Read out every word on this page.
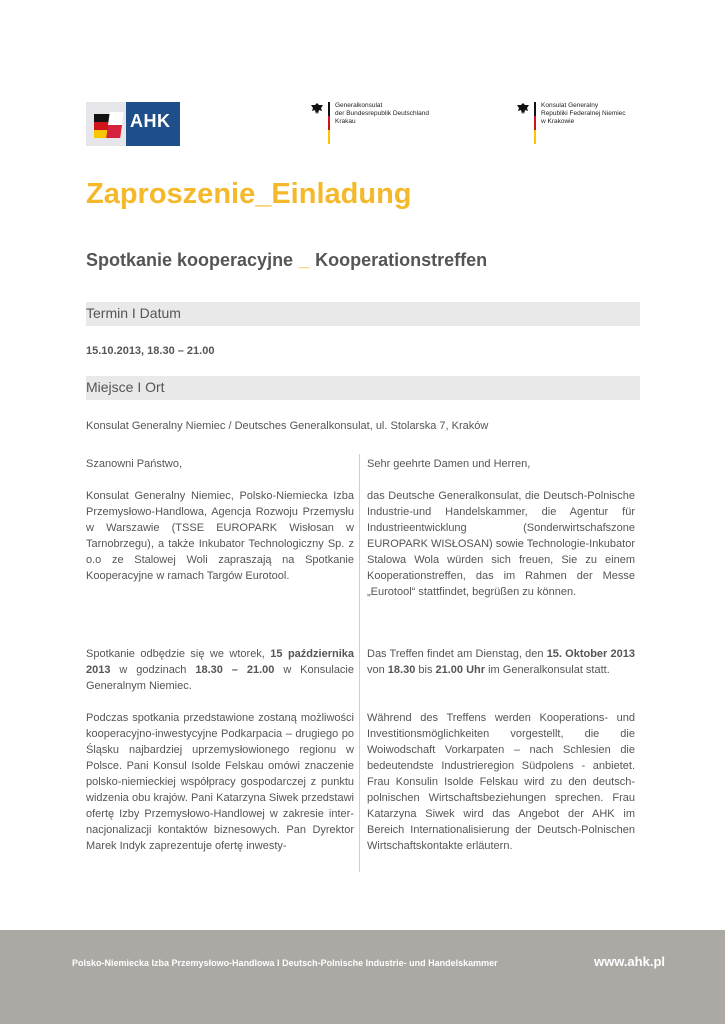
AHK
Generalkonsulat
der Bundesrepublik Deutschland
Krakau
Konsulat Generalny
Republiki Federalnej Niemiec
w Krakowie
Zaproszenie_Einladung
Spotkanie kooperacyjne _ Kooperationstreffen
Termin I Datum
15.10.2013, 18.30 – 21.00
Miejsce I Ort
Konsulat Generalny Niemiec / Deutsches Generalkonsulat, ul. Stolarska 7, Kraków

Szanowni Państwo,

Konsulat Generalny Niemiec, Polsko-Niemiecka Izba Przemysłowo-Handlowa, Agencja Rozwoju Przemysłu w Warszawie (TSSE EUROPARK Wisłosan w Tarnobrzegu), a także Inkubator Technologiczny Sp. z o.o ze Stalowej Woli zapraszają na Spotkanie Kooperacyjne w ramach Targów Eurotool.

Spotkanie odbędzie się we wtorek, 15 października 2013 w godzinach 18.30 – 21.00 w Konsulacie Generalnym Niemiec.

Podczas spotkania przedstawione zostaną możliwości kooperacyjno-inwestycyjne Podkarpacia – drugiego po Śląsku najbardziej uprzemysłowionego regionu w Polsce. Pani Konsul Isolde Felskau omówi znaczenie polsko-niemieckiej współpracy gospodarczej z punktu widzenia obu krajów. Pani Katarzyna Siwek przedstawi ofertę Izby Przemysłowo-Handlowej w zakresie internacjonalizacji kontaktów biznesowych. Pan Dyrektor Marek Indyk zaprezentuje ofertę inwesty-

Sehr geehrte Damen und Herren,

das Deutsche Generalkonsulat, die Deutsch-Polnische Industrie-und Handelskammer, die Agentur für Industrieentwicklung (Sonderwirtschafszone EUROPARK WISŁOSAN) sowie Technologie-Inkubator Stalowa Wola würden sich freuen, Sie zu einem Kooperationstreffen, das im Rahmen der Messe „Eurotool“ stattfindet, begrüßen zu können.

Das Treffen findet am Dienstag, den 15. Oktober 2013 von 18.30 bis 21.00 Uhr im Generalkonsulat statt.

Während des Treffens werden Kooperations- und Investitionsmöglichkeiten vorgestellt, die die Woiwodschaft Vorkarpaten – nach Schlesien die bedeutendste Industrieregion Südpolens - anbietet. Frau Konsulin Isolde Felskau wird zu den deutsch-polnischen Wirtschaftsbeziehungen sprechen. Frau Katarzyna Siwek wird das Angebot der AHK im Bereich Internationalisierung der Deutsch-Polnischen Wirtschaftskontakte erläutern.

Polsko-Niemiecka Izba Przemysłowo-Handlowa I Deutsch-Polnische Industrie- und Handelskammer	www.ahk.pl
